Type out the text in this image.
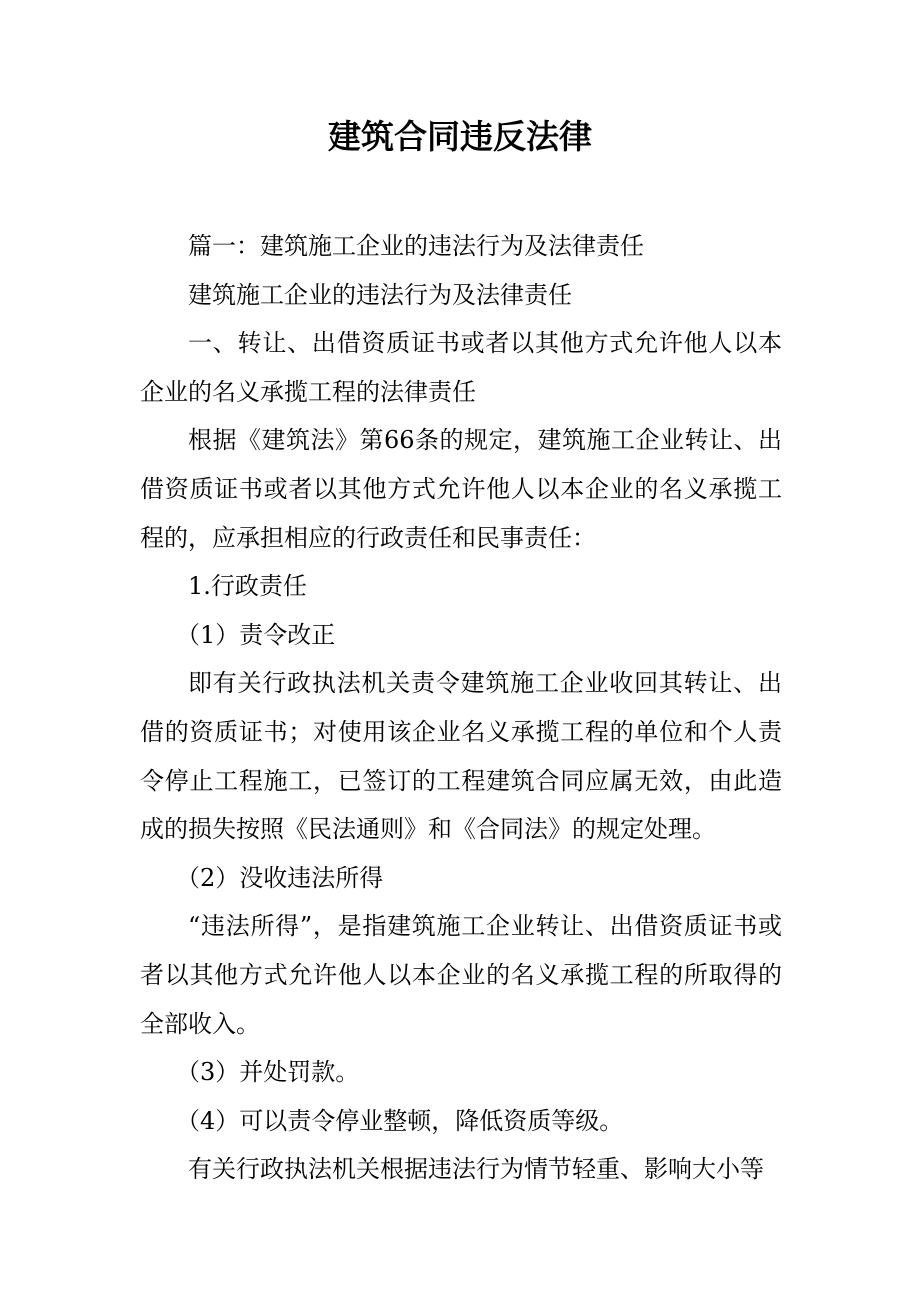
建筑合同违反法律

篇一：建筑施工企业的违法行为及法律责任

建筑施工企业的违法行为及法律责任

一、转让、出借资质证书或者以其他方式允许他人以本企业的名义承揽工程的法律责任

根据《建筑法》第66条的规定，建筑施工企业转让、出借资质证书或者以其他方式允许他人以本企业的名义承揽工程的，应承担相应的行政责任和民事责任：

1.行政责任

（1）责令改正

即有关行政执法机关责令建筑施工企业收回其转让、出借的资质证书；对使用该企业名义承揽工程的单位和个人责令停止工程施工，已签订的工程建筑合同应属无效，由此造成的损失按照《民法通则》和《合同法》的规定处理。

（2）没收违法所得

“违法所得”，是指建筑施工企业转让、出借资质证书或者以其他方式允许他人以本企业的名义承揽工程的所取得的全部收入。

（3）并处罚款。

（4）可以责令停业整顿，降低资质等级。

有关行政执法机关根据违法行为情节轻重、影响大小等
